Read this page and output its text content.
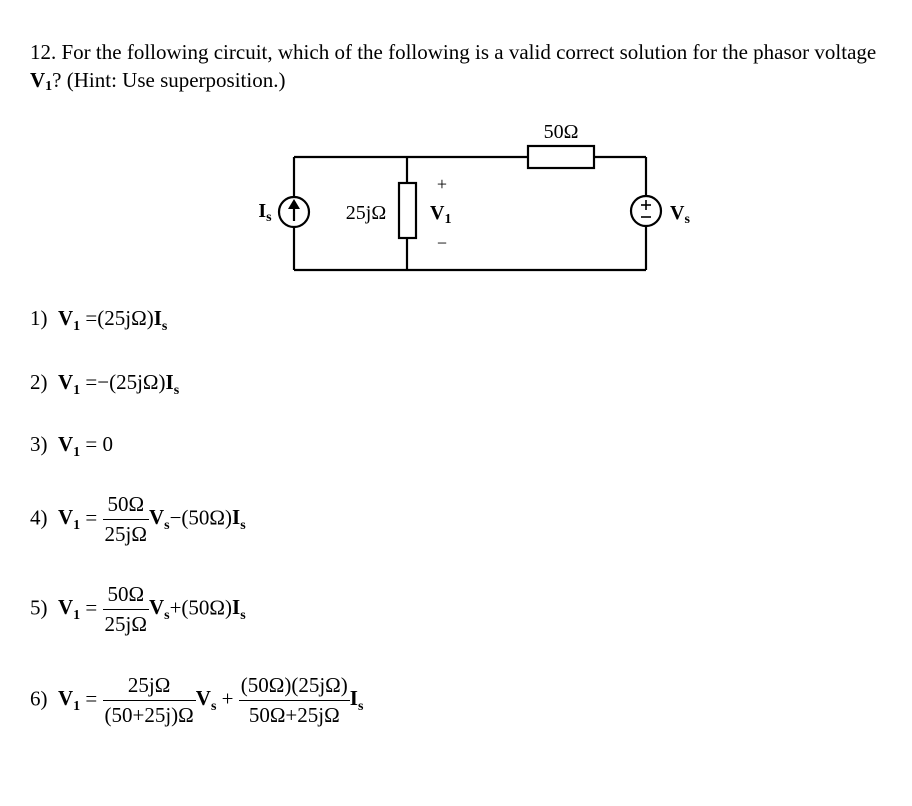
12. For the following circuit, which of the following is a valid correct solution for the phasor voltage $V_1$? (Hint: Use superposition.)
50Ω
25jΩ
$I_s$	$V_s$
+
$V_1$
−
1) $V_1 =(25j\Omega)I_s$
2) $V_1 =-(25j\Omega)I_s$
3) $V_1 = 0$
4) $V_1 = \frac{50\Omega}{25j\Omega} V_s-(50\Omega)I_s$
5) $V_1 = \frac{50\Omega}{25j\Omega} V_s+(50\Omega)I_s$
6) $V_1 = \frac{25j\Omega}{(50+25j)\Omega} V_s + \frac{(50\Omega)(25j\Omega)}{50\Omega+25j\Omega} I_s$
